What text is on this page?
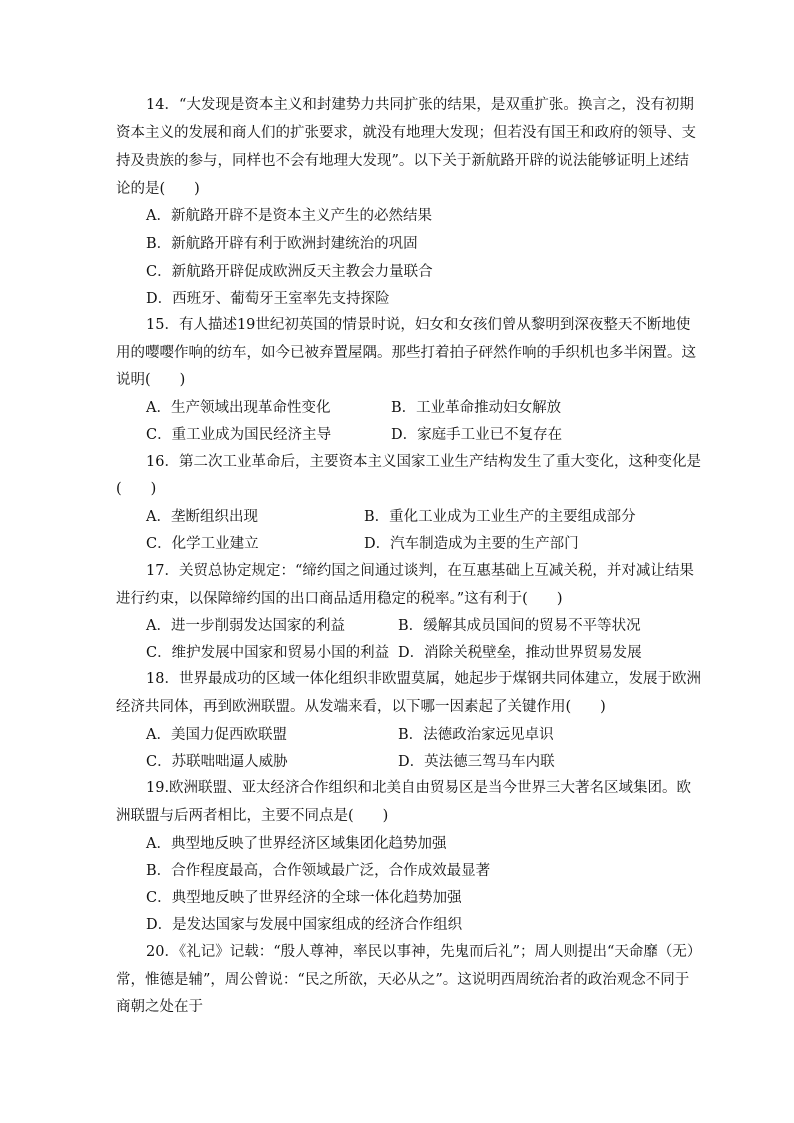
14．“大发现是资本主义和封建势力共同扩张的结果，是双重扩张。换言之，没有初期
资本主义的发展和商人们的扩张要求，就没有地理大发现；但若没有国王和政府的领导、支
持及贵族的参与，同样也不会有地理大发现”。以下关于新航路开辟的说法能够证明上述结
论的是(　　)
A．新航路开辟不是资本主义产生的必然结果
B．新航路开辟有利于欧洲封建统治的巩固
C．新航路开辟促成欧洲反天主教会力量联合
D．西班牙、葡萄牙王室率先支持探险
15．有人描述19世纪初英国的情景时说，妇女和女孩们曾从黎明到深夜整天不断地使
用的嘤嘤作响的纺车，如今已被弃置屋隅。那些打着拍子砰然作响的手织机也多半闲置。这
说明(　　)
A．生产领域出现革命性变化	B．工业革命推动妇女解放
C．重工业成为国民经济主导	D．家庭手工业已不复存在
16．第二次工业革命后，主要资本主义国家工业生产结构发生了重大变化，这种变化是
(　　)
A．垄断组织出现	B．重化工业成为工业生产的主要组成部分
C．化学工业建立	D．汽车制造成为主要的生产部门
17．关贸总协定规定：“缔约国之间通过谈判，在互惠基础上互减关税，并对减让结果
进行约束，以保障缔约国的出口商品适用稳定的税率。”这有利于(　　)
A．进一步削弱发达国家的利益	B．缓解其成员国间的贸易不平等状况
C．维护发展中国家和贸易小国的利益 D．消除关税壁垒，推动世界贸易发展
18．世界最成功的区域一体化组织非欧盟莫属，她起步于煤钢共同体建立，发展于欧洲
经济共同体，再到欧洲联盟。从发端来看，以下哪一因素起了关键作用(　　)
A．美国力促西欧联盟	B．法德政治家远见卓识
C．苏联咄咄逼人威胁	D．英法德三驾马车内联
19.欧洲联盟、亚太经济合作组织和北美自由贸易区是当今世界三大著名区域集团。欧
洲联盟与后两者相比，主要不同点是(　　)
A．典型地反映了世界经济区域集团化趋势加强
B．合作程度最高，合作领域最广泛，合作成效最显著
C．典型地反映了世界经济的全球一体化趋势加强
D．是发达国家与发展中国家组成的经济合作组织
20．《礼记》记载：“殷人尊神，率民以事神，先鬼而后礼”；周人则提出“天命靡（无）
常，惟德是辅”，周公曾说：“民之所欲，天必从之”。这说明西周统治者的政治观念不同于
商朝之处在于
